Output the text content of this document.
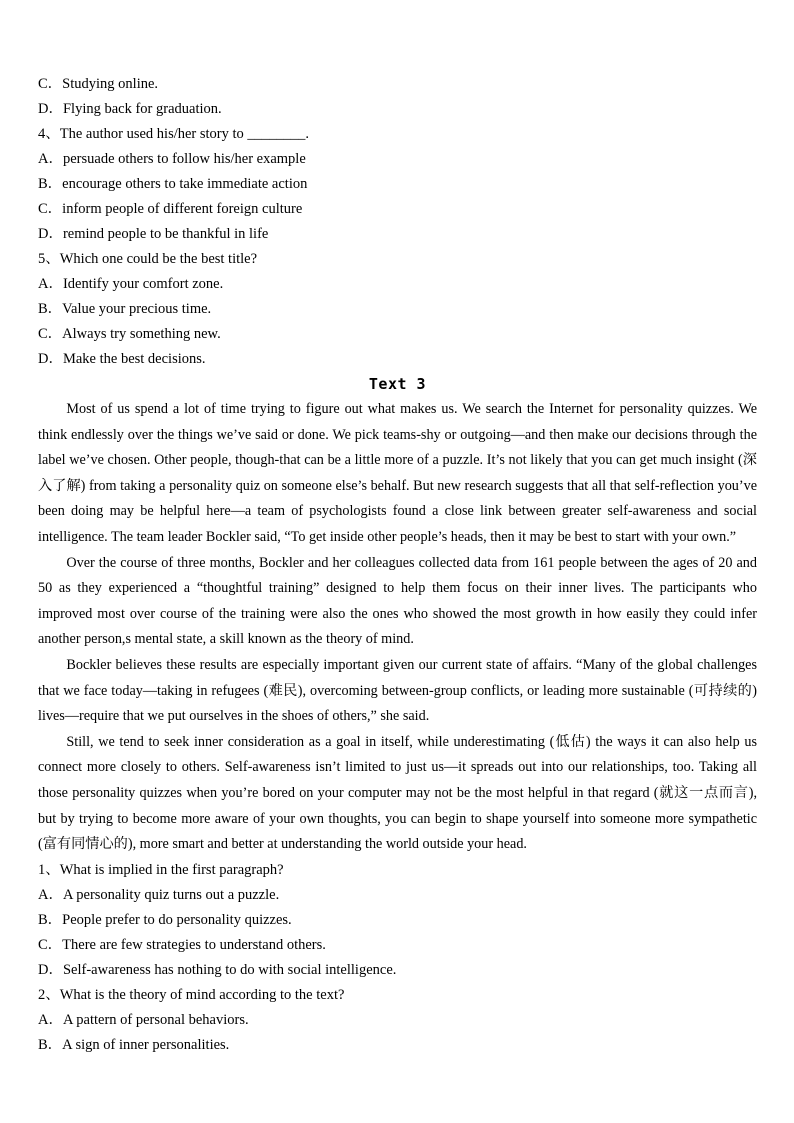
C．Studying online.
D．Flying back for graduation.
4、The author used his/her story to ________.
A．persuade others to follow his/her example
B．encourage others to take immediate action
C．inform people of different foreign culture
D．remind people to be thankful in life
5、Which one could be the best title?
A．Identify your comfort zone.
B．Value your precious time.
C．Always try something new.
D．Make the best decisions.
Text 3

Most of us spend a lot of time trying to figure out what makes us. We search the Internet for personality quizzes. We think endlessly over the things we’ve said or done. We pick teams-shy or outgoing—and then make our decisions through the label we’ve chosen. Other people, though-that can be a little more of a puzzle. It’s not likely that you can get much insight (深入了解) from taking a personality quiz on someone else’s behalf. But new research suggests that all that self-reflection you’ve been doing may be helpful here—a team of psychologists found a close link between greater self-awareness and social intelligence. The team leader Bockler said, “To get inside other people’s heads, then it may be best to start with your own.”

Over the course of three months, Bockler and her colleagues collected data from 161 people between the ages of 20 and 50 as they experienced a “thoughtful training” designed to help them focus on their inner lives. The participants who improved most over course of the training were also the ones who showed the most growth in how easily they could infer another person,s mental state, a skill known as the theory of mind.

Bockler believes these results are especially important given our current state of affairs. “Many of the global challenges that we face today—taking in refugees (难民), overcoming between-group conflicts, or leading more sustainable (可持续的) lives—require that we put ourselves in the shoes of others,” she said.

Still, we tend to seek inner consideration as a goal in itself, while underestimating (低估) the ways it can also help us connect more closely to others. Self-awareness isn’t limited to just us—it spreads out into our relationships, too. Taking all those personality quizzes when you’re bored on your computer may not be the most helpful in that regard (就这一点而言), but by trying to become more aware of your own thoughts, you can begin to shape yourself into someone more sympathetic (富有同情心的), more smart and better at understanding the world outside your head.

1、What is implied in the first paragraph?
A．A personality quiz turns out a puzzle.
B．People prefer to do personality quizzes.
C．There are few strategies to understand others.
D．Self-awareness has nothing to do with social intelligence.
2、What is the theory of mind according to the text?
A．A pattern of personal behaviors.
B．A sign of inner personalities.
